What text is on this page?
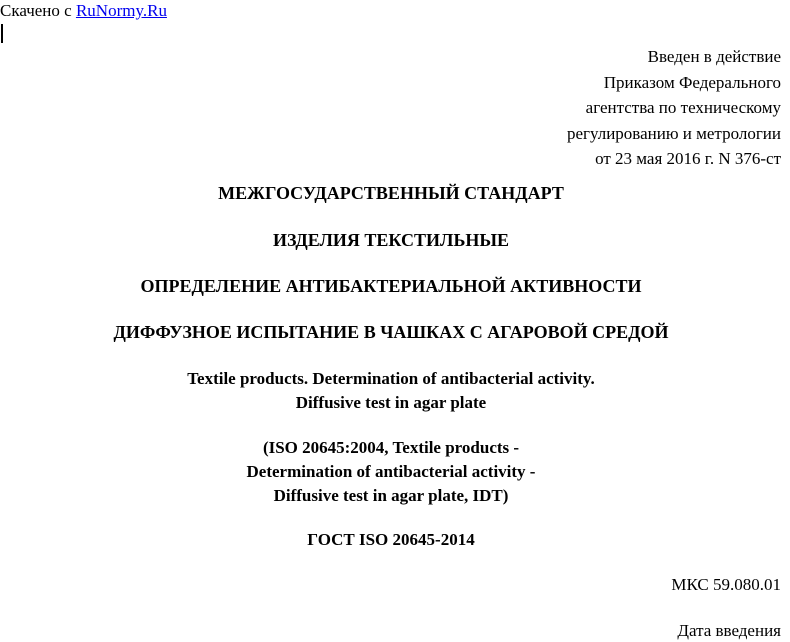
Скачено с RuNormy.Ru
Введен в действие
Приказом Федерального
агентства по техническому
регулированию и метрологии
от 23 мая 2016 г. N 376-ст
МЕЖГОСУДАРСТВЕННЫЙ СТАНДАРТ
ИЗДЕЛИЯ ТЕКСТИЛЬНЫЕ
ОПРЕДЕЛЕНИЕ АНТИБАКТЕРИАЛЬНОЙ АКТИВНОСТИ
ДИФФУЗНОЕ ИСПЫТАНИЕ В ЧАШКАХ С АГАРОВОЙ СРЕДОЙ
Textile products. Determination of antibacterial activity.
Diffusive test in agar plate
(ISO 20645:2004, Textile products -
Determination of antibacterial activity -
Diffusive test in agar plate, IDT)
ГОСТ ISO 20645-2014
МКС 59.080.01
Дата введения
